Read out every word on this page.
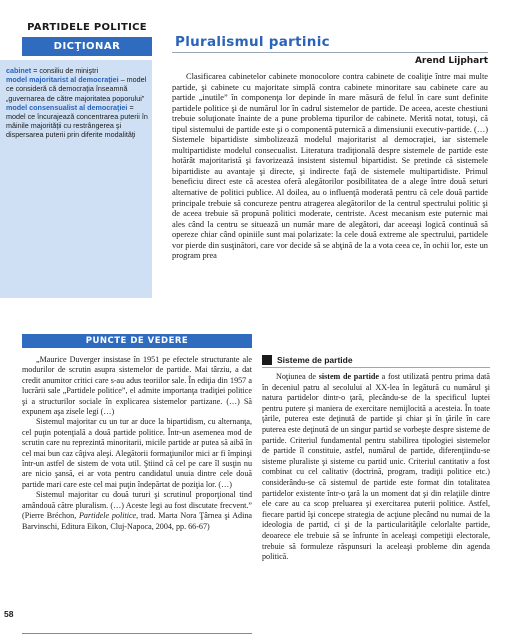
PARTIDELE POLITICE
DICŢIONAR

cabinet = consiliu de miniştri

model majoritarist al democraţiei – model ce consideră că democraţia înseamnă „guvernarea de către majoritatea poporului”

model consensualist al democraţiei = model ce încurajează concentrarea puterii în mâinile majorităţii cu restrângerea şi dispersarea puterii prin diferite modalităţi

Pluralismul partinic
Arend Lijphart

Clasificarea cabinetelor cabinete monocolore contra cabinete de coaliţie între mai multe partide, şi cabinete cu majoritate simplă contra cabinete minoritare sau cabinete care au partide „inutile” în componenţa lor depinde în mare măsură de felul în care sunt definite partidele politice şi de numărul lor în cadrul sistemelor de partide. De aceea, aceste chestiuni trebuie soluţionate înainte de a pune problema tipurilor de cabinete. Merită notat, totuşi, că tipul sistemului de partide este şi o componentă puternică a dimensiunii executiv-partide. (…) Sistemele bipartidiste simbolizează modelul majoritarist al democraţiei, iar sistemele multipartidiste modelul consecualist. Literatura tradiţională despre sistemele de partide este hotărât majoritaristă şi favorizează insistent sistemul bipartidist. Se pretinde că sistemele bipartidiste au avantaje şi directe, şi indirecte faţă de sistemele multipartidiste. Primul beneficiu direct este că acestea oferă alegătorilor posibilitatea de a alege între două seturi alternative de politici publice. Al doilea, au o influenţă moderată pentru că cele două partide principale trebuie să concureze pentru atragerea alegătorilor de la centrul spectrului politic şi de aceea trebuie să propună politici moderate, centriste. Acest mecanism este puternic mai ales când la centru se situează un număr mare de alegători, dar aceeaşi logică continuă să opereze chiar când opiniile sunt mai polarizate: la cele două extreme ale spectrului, partidele vor pierde din susţinători, care vor decide să se abţină de la a vota ceea ce, în ochii lor, este un program prea

PUNCTE DE VEDERE

„Maurice Duverger insistase în 1951 pe efectele structurante ale modurilor de scrutin asupra sistemelor de partide. Mai târziu, a dat credit anumitor critici care s-au adus teoriilor sale. În ediţia din 1957 a lucrării sale „Partidele politice”, el admite importanţa tradiţiei politice şi a structurilor sociale în explicarea sistemelor partizane. (…) Să expunem aşa zisele legi (…)

Sistemul majoritar cu un tur ar duce la bipartidism, cu alternanţa, cel puţin potenţială a două partide politice. Într-un asemenea mod de scrutin care nu reprezintă minoritarii, micile partide ar putea să aibă în cel mai bun caz câţiva aleşi. Alegătorii formaţiunilor mici ar fi împinşi într-un astfel de sistem de vota util. Ştiind că cel pe care îl susţin nu are nicio şansă, ei ar vota pentru candidatul unuia dintre cele două partide mari care este cel mai puţin îndepărtat de poziţia lor. (…)

Sistemul majoritar cu două tururi şi scrutinul proporţional tind amândouă către pluralism. (…) Aceste legi au fost discutate frecvent.” (Pierre Bréchon, Partidele politice, trad. Marta Nora Ţârnea şi Adina Barvinschi, Editura Eikon, Cluj-Napoca, 2004, pp. 66-67)

Sisteme de partide

Noţiunea de sistem de partide a fost utilizată pentru prima dată în deceniul patru al secolului al XX-lea în legătură cu numărul şi natura partidelor dintr-o ţară, plecându-se de la specificul luptei pentru putere şi maniera de exercitare nemijlocită a acesteia. În toate ţările, puterea este deţinută de partide şi chiar şi în ţările în care puterea este deţinută de un singur partid se vorbeşte despre sisteme de partide. Criteriul fundamental pentru stabilirea tipologiei sistemelor de partide îl constituie, astfel, numărul de partide, diferenţiindu-se sisteme pluraliste şi sisteme cu partid unic. Criteriul cantitativ a fost combinat cu cel calitativ (doctrină, program, tradiţii politice etc.) considerându-se că sistemul de partide este format din totalitatea partidelor existente într-o ţară la un moment dat şi din relaţiile dintre ele care au ca scop preluarea şi exercitarea puterii politice. Astfel, fiecare partid îşi concepe strategia de acţiune plecând nu numai de la ideologia de partid, ci şi de la particularităţile celorlalte partide, deoarece ele trebuie să se înfrunte în aceleaşi competiţii electorale, trebuie să formuleze răspunsuri la aceleaşi probleme din agenda politică.

58
